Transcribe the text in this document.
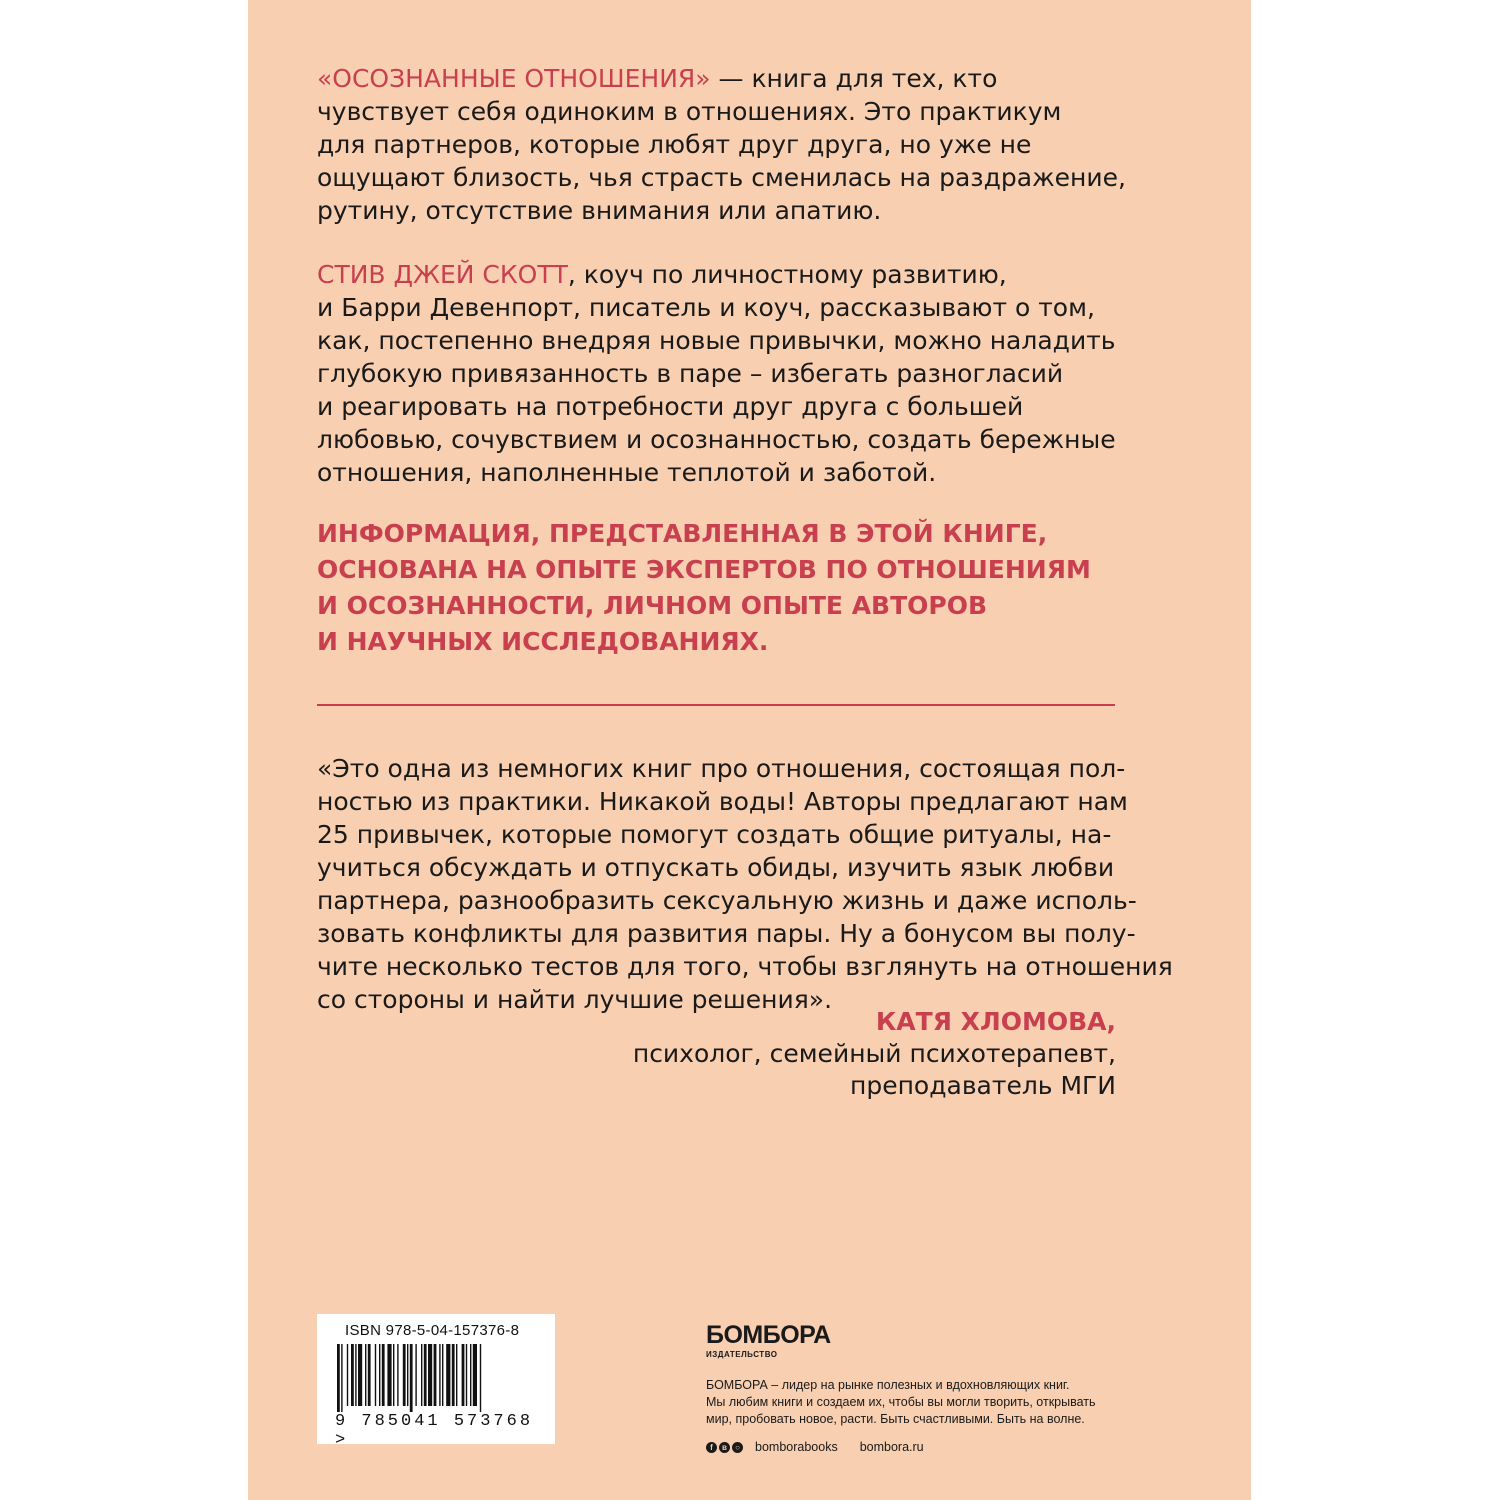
«ОСОЗНАННЫЕ ОТНОШЕНИЯ» — книга для тех, кто
чувствует себя одиноким в отношениях. Это практикум
для партнеров, которые любят друг друга, но уже не
ощущают близость, чья страсть сменилась на раздражение,
рутину, отсутствие внимания или апатию.
СТИВ ДЖЕЙ СКОТТ, коуч по личностному развитию,
и Барри Девенпорт, писатель и коуч, рассказывают о том,
как, постепенно внедряя новые привычки, можно наладить
глубокую привязанность в паре – избегать разногласий
и реагировать на потребности друг друга с большей
любовью, сочувствием и осознанностью, создать бережные
отношения, наполненные теплотой и заботой.
ИНФОРМАЦИЯ, ПРЕДСТАВЛЕННАЯ В ЭТОЙ КНИГЕ,
ОСНОВАНА НА ОПЫТЕ ЭКСПЕРТОВ ПО ОТНОШЕНИЯМ
И ОСОЗНАННОСТИ, ЛИЧНОМ ОПЫТЕ АВТОРОВ
И НАУЧНЫХ ИССЛЕДОВАНИЯХ.
«Это одна из немногих книг про отношения, состоящая пол-
ностью из практики. Никакой воды! Авторы предлагают нам
25 привычек, которые помогут создать общие ритуалы, на-
учиться обсуждать и отпускать обиды, изучить язык любви
партнера, разнообразить сексуальную жизнь и даже исполь-
зовать конфликты для развития пары. Ну а бонусом вы полу-
чите несколько тестов для того, чтобы взглянуть на отношения
со стороны и найти лучшие решения».
КАТЯ ХЛОМОВА,
психолог, семейный психотерапевт,
преподаватель МГИ
ISBN 978-5-04-157376-8
9 785041 573768 >
БОМБОРА
ИЗДАТЕЛЬСТВО
БОМБОРА – лидер на рынке полезных и вдохновляющих книг.
Мы любим книги и создаем их, чтобы вы могли творить, открывать
мир, пробовать новое, расти. Быть счастливыми. Быть на волне.
f	в	○ bomborabooks bombora.ru
